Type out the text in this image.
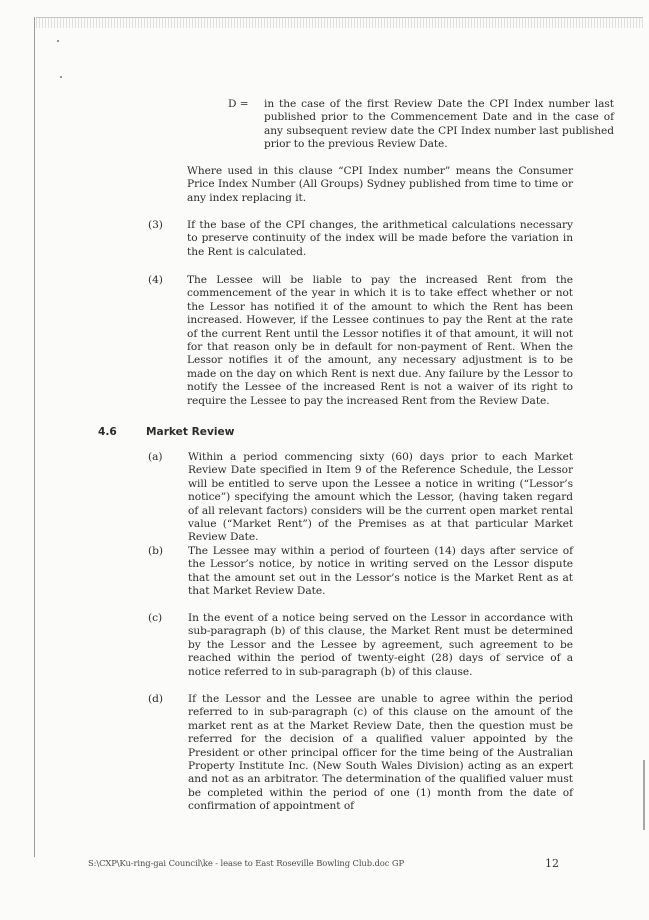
D =	in the case of the first Review Date the CPI Index number last published prior to the Commencement Date and in the case of any subsequent review date the CPI Index number last published prior to the previous Review Date.
Where used in this clause “CPI Index number” means the Consumer Price Index Number (All Groups) Sydney published from time to time or any index replacing it.
(3)	If the base of the CPI changes, the arithmetical calculations necessary to preserve continuity of the index will be made before the variation in the Rent is calculated.
(4)	The Lessee will be liable to pay the increased Rent from the commencement of the year in which it is to take effect whether or not the Lessor has notified it of the amount to which the Rent has been increased. However, if the Lessee continues to pay the Rent at the rate of the current Rent until the Lessor notifies it of that amount, it will not for that reason only be in default for non-payment of Rent. When the Lessor notifies it of the amount, any necessary adjustment is to be made on the day on which Rent is next due. Any failure by the Lessor to notify the Lessee of the increased Rent is not a waiver of its right to require the Lessee to pay the increased Rent from the Review Date.
4.6	Market Review
(a)	Within a period commencing sixty (60) days prior to each Market Review Date specified in Item 9 of the Reference Schedule, the Lessor will be entitled to serve upon the Lessee a notice in writing (“Lessor’s notice”) specifying the amount which the Lessor, (having taken regard of all relevant factors) considers will be the current open market rental value (“Market Rent”) of the Premises as at that particular Market Review Date.
(b)	The Lessee may within a period of fourteen (14) days after service of the Lessor’s notice, by notice in writing served on the Lessor dispute that the amount set out in the Lessor’s notice is the Market Rent as at that Market Review Date.
(c)	In the event of a notice being served on the Lessor in accordance with sub-paragraph (b) of this clause, the Market Rent must be determined by the Lessor and the Lessee by agreement, such agreement to be reached within the period of twenty-eight (28) days of service of a notice referred to in sub-paragraph (b) of this clause.
(d)	If the Lessor and the Lessee are unable to agree within the period referred to in sub-paragraph (c) of this clause on the amount of the market rent as at the Market Review Date, then the question must be referred for the decision of a qualified valuer appointed by the President or other principal officer for the time being of the Australian Property Institute Inc. (New South Wales Division) acting as an expert and not as an arbitrator. The determination of the qualified valuer must be completed within the period of one (1) month from the date of confirmation of appointment of
S:\CXP\Ku-ring-gai Council\ke - lease to East Roseville Bowling Club.doc GP	12
